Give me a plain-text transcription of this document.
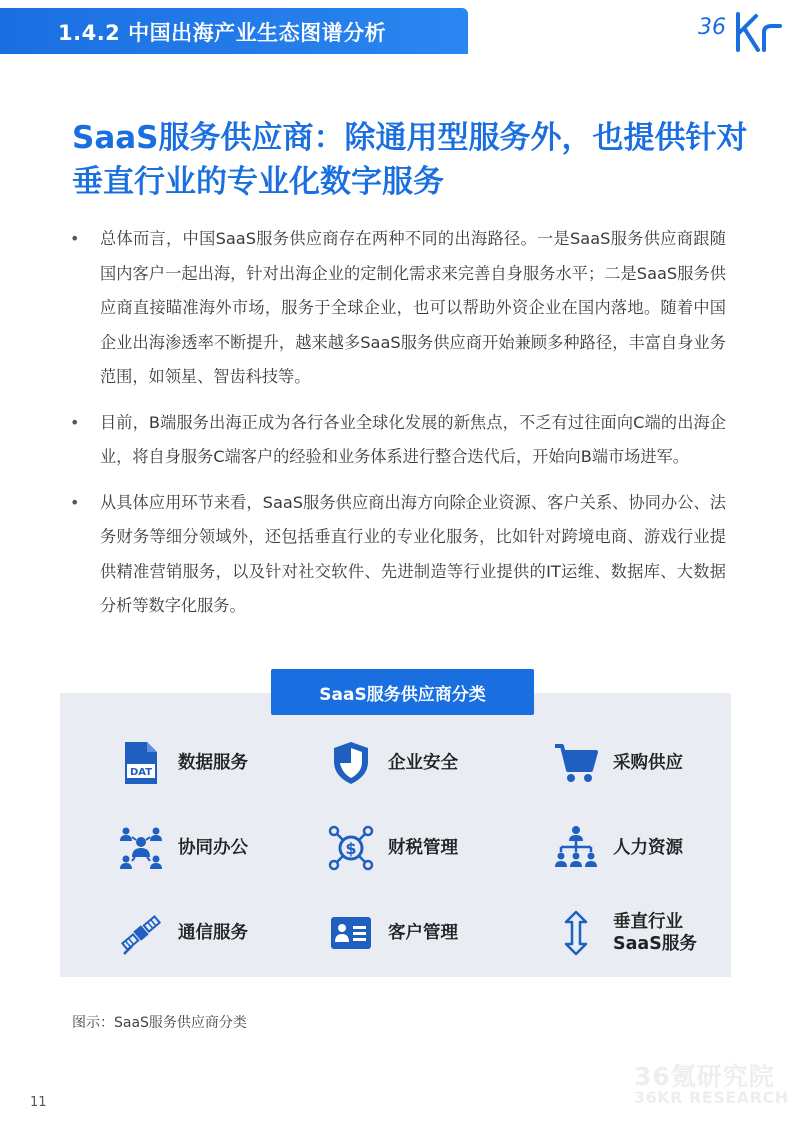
1.4.2 中国出海产业生态图谱分析	36
SaaS服务供应商：除通用型服务外，也提供针对垂直行业的专业化数字服务
• 总体而言，中国SaaS服务供应商存在两种不同的出海路径。一是SaaS服务供应商跟随国内客户一起出海，针对出海企业的定制化需求来完善自身服务水平；二是SaaS服务供应商直接瞄准海外市场，服务于全球企业，也可以帮助外资企业在国内落地。随着中国企业出海渗透率不断提升，越来越多SaaS服务供应商开始兼顾多种路径，丰富自身业务范围，如领星、智齿科技等。
• 目前，B端服务出海正成为各行各业全球化发展的新焦点，不乏有过往面向C端的出海企业，将自身服务C端客户的经验和业务体系进行整合迭代后，开始向B端市场进军。
• 从具体应用环节来看，SaaS服务供应商出海方向除企业资源、客户关系、协同办公、法务财务等细分领域外，还包括垂直行业的专业化服务，比如针对跨境电商、游戏行业提供精准营销服务，以及针对社交软件、先进制造等行业提供的IT运维、数据库、大数据分析等数字化服务。
SaaS服务供应商分类
DAT 数据服务	企业安全	采购供应
协同办公	$ 财税管理	人力资源
通信服务	客户管理
垂直行业
SaaS服务
图示：SaaS服务供应商分类
36氪研究院
36KR RESEARCH
11
